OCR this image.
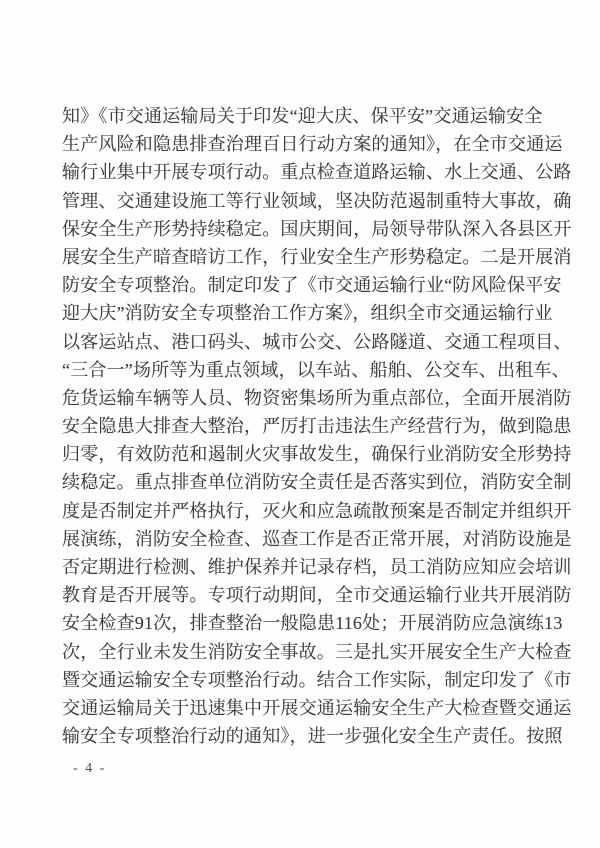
知》《市交通运输局关于印发“迎大庆、保平安”交通运输安全
生产风险和隐患排查治理百日行动方案的通知》，在全市交通运
输行业集中开展专项行动。重点检查道路运输、水上交通、公路
管理、交通建设施工等行业领域，坚决防范遏制重特大事故，确
保安全生产形势持续稳定。国庆期间，局领导带队深入各县区开
展安全生产暗查暗访工作，行业安全生产形势稳定。二是开展消
防安全专项整治。制定印发了《市交通运输行业“防风险保平安
迎大庆”消防安全专项整治工作方案》，组织全市交通运输行业
以客运站点、港口码头、城市公交、公路隧道、交通工程项目、
“三合一”场所等为重点领域，以车站、船舶、公交车、出租车、
危货运输车辆等人员、物资密集场所为重点部位，全面开展消防
安全隐患大排查大整治，严厉打击违法生产经营行为，做到隐患
归零，有效防范和遏制火灾事故发生，确保行业消防安全形势持
续稳定。重点排查单位消防安全责任是否落实到位，消防安全制
度是否制定并严格执行，灭火和应急疏散预案是否制定并组织开
展演练，消防安全检查、巡查工作是否正常开展，对消防设施是
否定期进行检测、维护保养并记录存档，员工消防应知应会培训
教育是否开展等。专项行动期间，全市交通运输行业共开展消防
安全检查91次，排查整治一般隐患116处；开展消防应急演练13
次，全行业未发生消防安全事故。三是扎实开展安全生产大检查
暨交通运输安全专项整治行动。结合工作实际，制定印发了《市
交通运输局关于迅速集中开展交通运输安全生产大检查暨交通运
输安全专项整治行动的通知》，进一步强化安全生产责任。按照
- 4 -
